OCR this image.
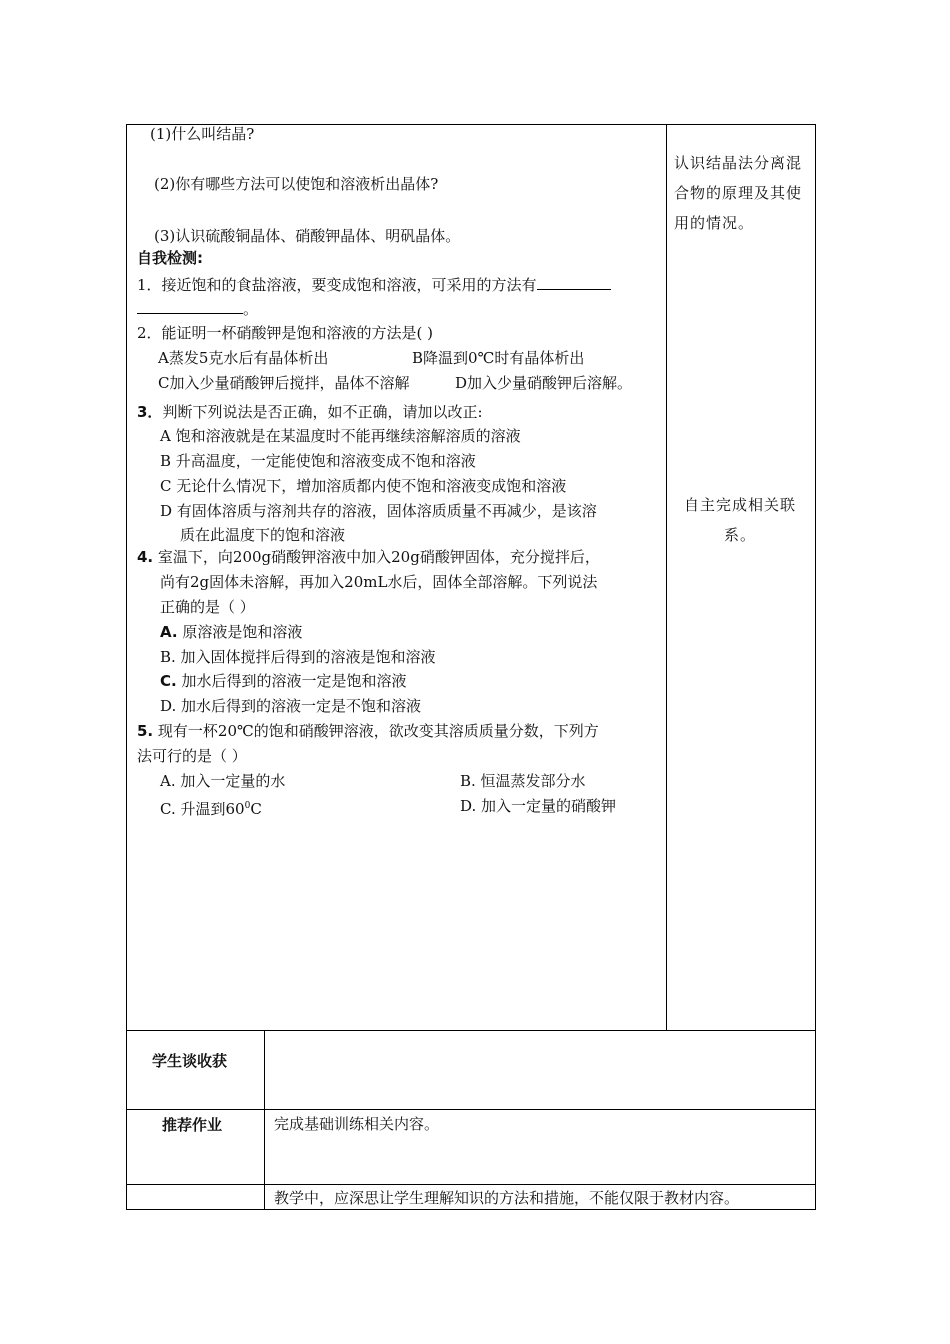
(1)什么叫结晶?
(2)你有哪些方法可以使饱和溶液析出晶体?
(3)认识硫酸铜晶体、硝酸钾晶体、明矾晶体。
自我检测:
1．接近饱和的食盐溶液，要变成饱和溶液，可采用的方法有
。
2．能证明一杯硝酸钾是饱和溶液的方法是( )
A蒸发5克水后有晶体析出	B降温到0℃时有晶体析出
C加入少量硝酸钾后搅拌，晶体不溶解	D加入少量硝酸钾后溶解。
3．判断下列说法是否正确，如不正确，请加以改正:
A 饱和溶液就是在某温度时不能再继续溶解溶质的溶液
B 升高温度，一定能使饱和溶液变成不饱和溶液
C 无论什么情况下，增加溶质都内使不饱和溶液变成饱和溶液
D 有固体溶质与溶剂共存的溶液，固体溶质质量不再减少，是该溶
质在此温度下的饱和溶液
4. 室温下，向200g硝酸钾溶液中加入20g硝酸钾固体，充分搅拌后，
尚有2g固体未溶解，再加入20mL水后，固体全部溶解。下列说法
正确的是（ ）
A. 原溶液是饱和溶液
B. 加入固体搅拌后得到的溶液是饱和溶液
C. 加水后得到的溶液一定是饱和溶液
D. 加水后得到的溶液一定是不饱和溶液
5. 现有一杯20℃的饱和硝酸钾溶液，欲改变其溶质质量分数，下列方
法可行的是（ ）
A. 加入一定量的水	B. 恒温蒸发部分水
C. 升温到$60^0C$	D. 加入一定量的硝酸钾
认识结晶法分离混合物的原理及其使用的情况。
自主完成相关联系。
学生谈收获
推荐作业	完成基础训练相关内容。
教学中，应深思让学生理解知识的方法和措施，不能仅限于教材内容。
